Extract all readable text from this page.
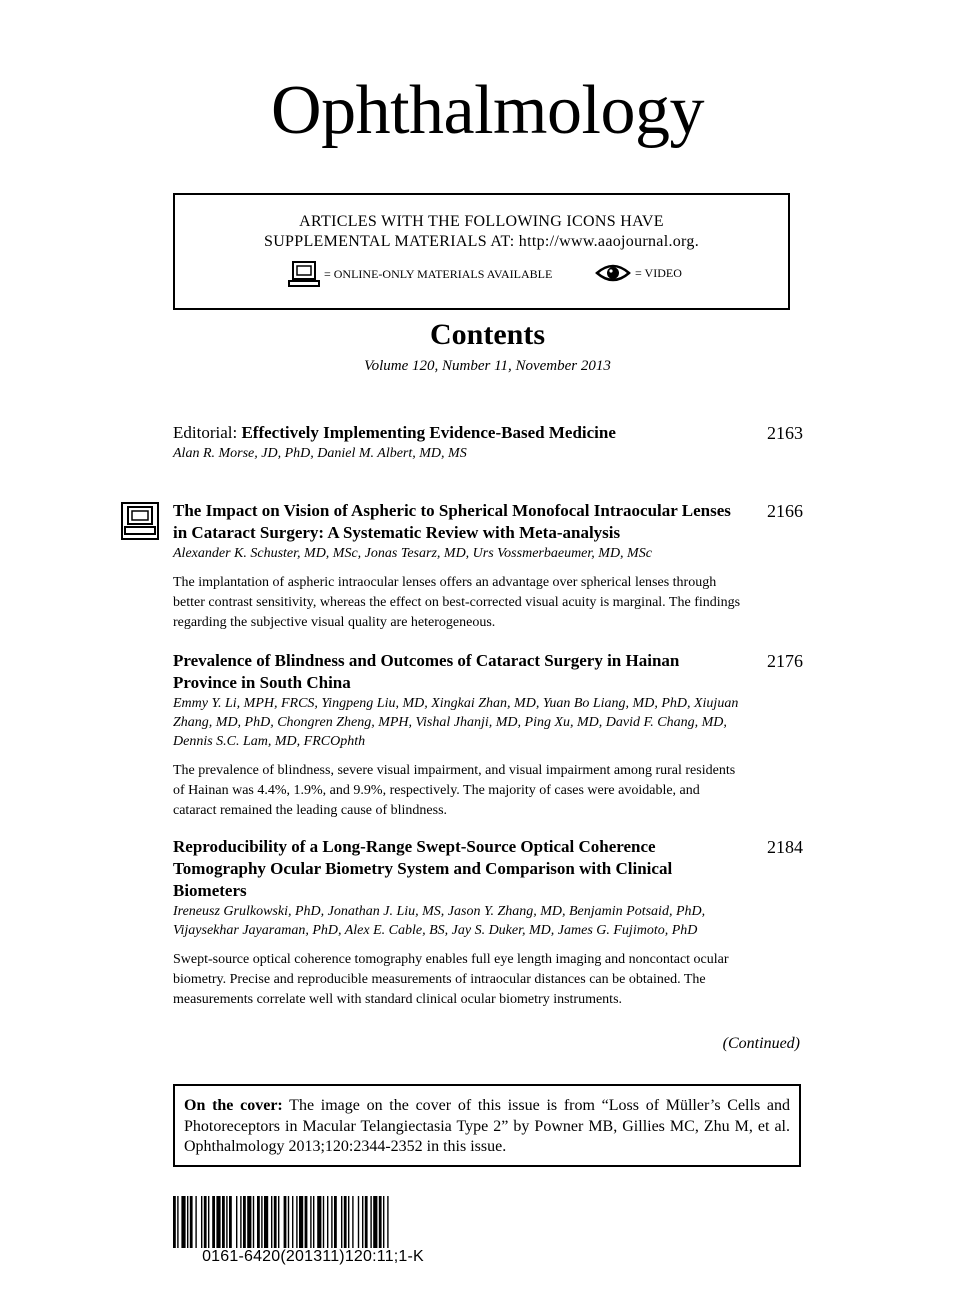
Ophthalmology
ARTICLES WITH THE FOLLOWING ICONS HAVE
SUPPLEMENTAL MATERIALS AT: http://www.aaojournal.org.
= ONLINE-ONLY MATERIALS AVAILABLE	= VIDEO
Contents
Volume 120, Number 11, November 2013
Editorial: Effectively Implementing Evidence-Based Medicine	2163
Alan R. Morse, JD, PhD, Daniel M. Albert, MD, MS
The Impact on Vision of Aspheric to Spherical Monofocal Intraocular Lenses in Cataract Surgery: A Systematic Review with Meta-analysis
2166
Alexander K. Schuster, MD, MSc, Jonas Tesarz, MD, Urs Vossmerbaeumer, MD, MSc
The implantation of aspheric intraocular lenses offers an advantage over spherical lenses through better contrast sensitivity, whereas the effect on best-corrected visual acuity is marginal. The findings regarding the subjective visual quality are heterogeneous.
Prevalence of Blindness and Outcomes of Cataract Surgery in Hainan Province in South China
2176
Emmy Y. Li, MPH, FRCS, Yingpeng Liu, MD, Xingkai Zhan, MD, Yuan Bo Liang, MD, PhD, Xiujuan Zhang, MD, PhD, Chongren Zheng, MPH, Vishal Jhanji, MD, Ping Xu, MD, David F. Chang, MD, Dennis S.C. Lam, MD, FRCOphth
The prevalence of blindness, severe visual impairment, and visual impairment among rural residents of Hainan was 4.4%, 1.9%, and 9.9%, respectively. The majority of cases were avoidable, and cataract remained the leading cause of blindness.
Reproducibility of a Long-Range Swept-Source Optical Coherence Tomography Ocular Biometry System and Comparison with Clinical Biometers
2184
Ireneusz Grulkowski, PhD, Jonathan J. Liu, MS, Jason Y. Zhang, MD, Benjamin Potsaid, PhD, Vijaysekhar Jayaraman, PhD, Alex E. Cable, BS, Jay S. Duker, MD, James G. Fujimoto, PhD
Swept-source optical coherence tomography enables full eye length imaging and noncontact ocular biometry. Precise and reproducible measurements of intraocular distances can be obtained. The measurements correlate well with standard clinical ocular biometry instruments.
(Continued)
On the cover: The image on the cover of this issue is from “Loss of Müller’s Cells and Photoreceptors in Macular Telangiectasia Type 2” by Powner MB, Gillies MC, Zhu M, et al. Ophthalmology 2013;120:2344-2352 in this issue.
0161-6420(201311)120:11;1-K
